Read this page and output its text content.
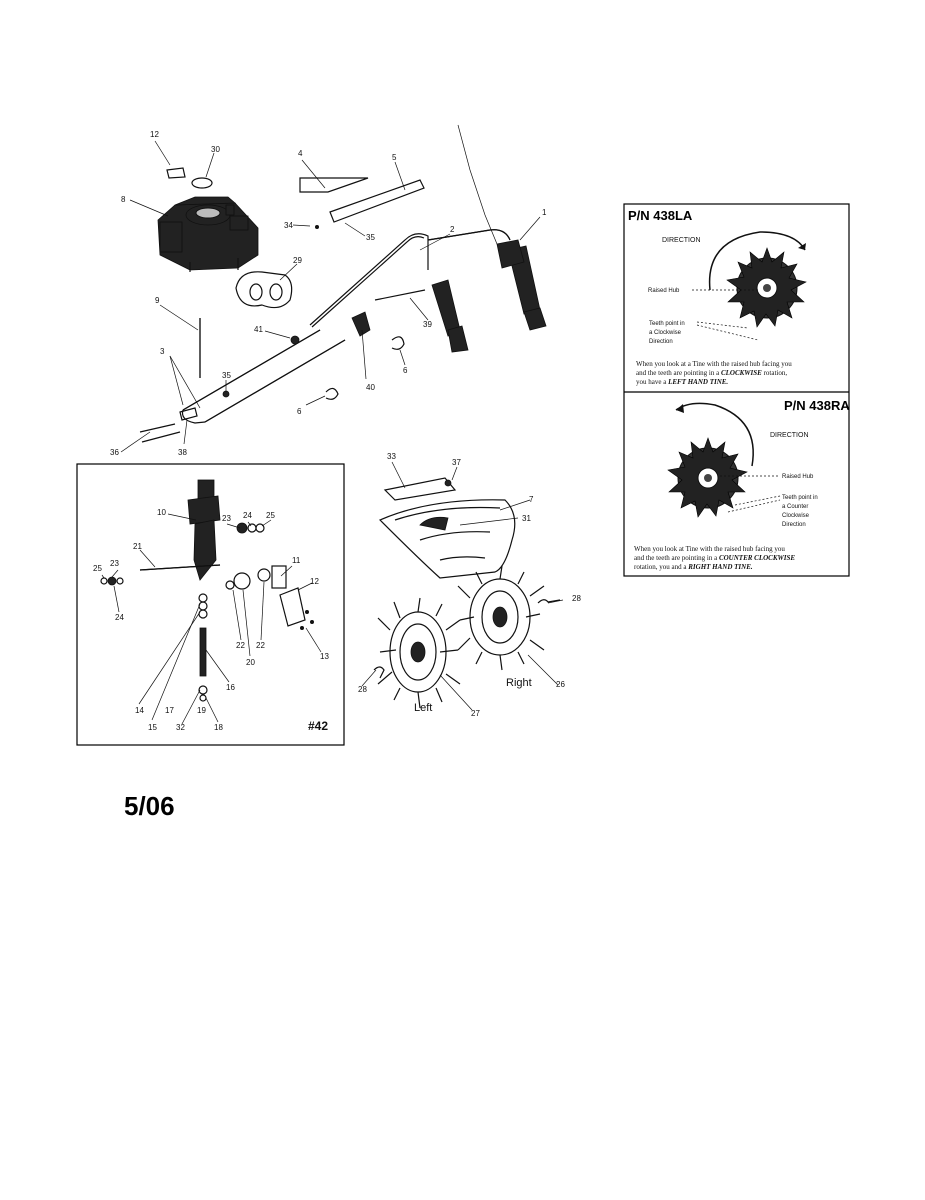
12
30	4	5
8
34
35
1
2
29
9
41
39
3
35
6
40
6
36	38	33
37
7
31
10
23 24 25
21
11
12
23
25
24
22 22
20
13
16
14	17	19
18
15 32
28
26
28
27
#42
Left
Right
5/06
P/N 438LA
DIRECTION
Raised Hub
Teeth point in
a Clockwise
Direction
When you look at a Tine with the raised hub facing you
and the teeth are pointing in a CLOCKWISE rotation,
you have a LEFT HAND TINE.
P/N 438RA
DIRECTION
Raised Hub
Teeth point in
a Counter
Clockwise
Direction
When you look at Tine with the raised hub facing you
and the teeth are pointing in a COUNTER CLOCKWISE
rotation, you and a RIGHT HAND TINE.
